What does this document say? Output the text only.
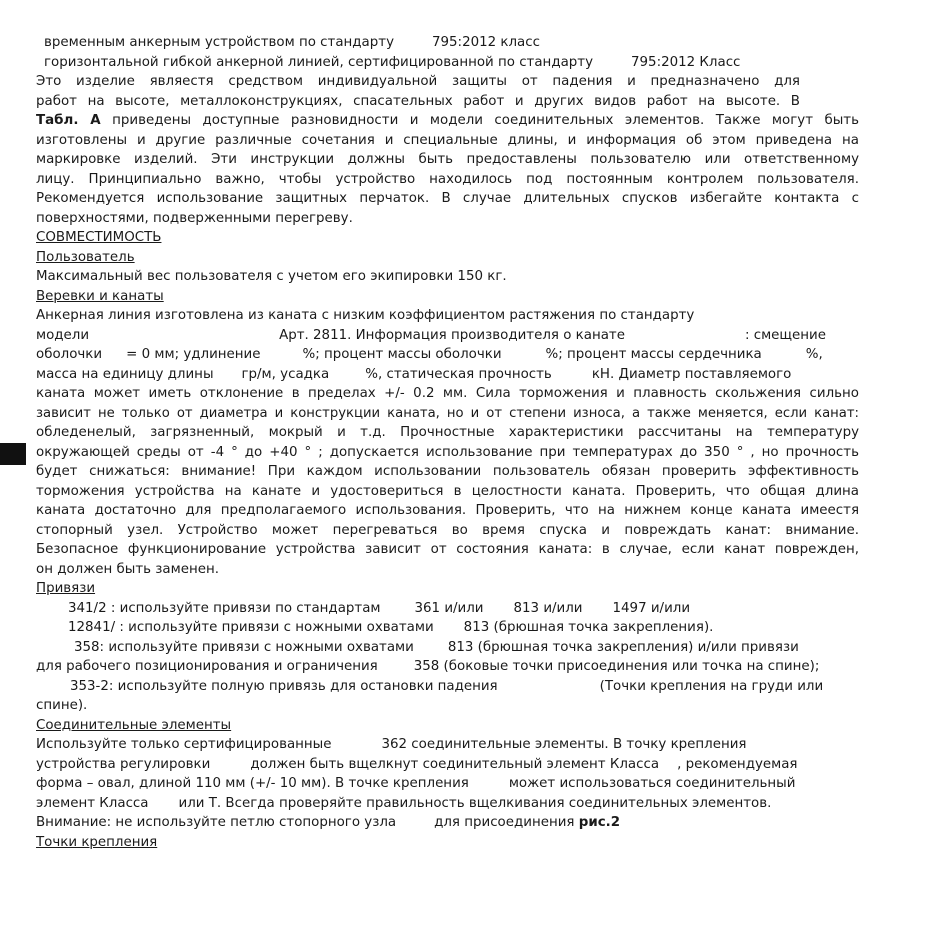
временным анкерным устройством по стандарту	795:2012 класс
горизонтальной гибкой анкерной линией, сертифицированной по стандарту	795:2012 Класс
Это изделие являестя средством индивидуальной защиты от падения и предназначено для
работ на высоте, металлоконструкциях, спасательных работ и других видов работ на высоте. В
Табл. А приведены доступные разновидности и модели соединительных элементов. Также могут быть
изготовлены и другие различные сочетания и специальные длины, и информация об этом приведена на
маркировке изделий. Эти инструкции должны быть предоставлены пользователю или ответственному
лицу. Принципиально важно, чтобы устройство находилось под постоянным контролем пользователя.
Рекомендуется использование защитных перчаток. В случае длительных спусков избегайте контакта с
поверхностями, подверженными перегреву.
СОВМЕСТИМОСТЬ
Пользователь
Максимальный вес пользователя с учетом его экипировки 150 кг.
Веревки и канаты
Анкерная линия изготовлена из каната с низким коэффициентом растяжения по стандарту
модели	Арт. 2811. Информация производителя о канате	: смещение
оболочки = 0 мм; удлинение	%; процент массы оболочки	%; процент массы сердечника	%,
масса на единицу длины гр/м, усадка	%, статическая прочность	кН. Диаметр поставляемого
каната может иметь отклонение в пределах +/- 0.2 мм. Сила торможения и плавность скольжения сильно
зависит не только от диаметра и конструкции каната, но и от степени износа, а также меняется, если канат:
обледенелый, загрязненный, мокрый и т.д. Прочностные характеристики рассчитаны на температуру
окружающей среды от -4 ° до +40 ° ; допускается использование при температурах до 350 ° , но прочность
будет снижаться: внимание! При каждом использовании пользователь обязан проверить эффективность
торможения устройства на канате и удостовериться в целостности каната. Проверить, что общая длина
каната достаточно для предполагаемого использования. Проверить, что на нижнем конце каната имеестя
стопорный узел. Устройство может перегреваться во время спуска и повреждать канат: внимание.
Безопасное функционирование устройства зависит от состояния каната: в случае, если канат поврежден,
он должен быть заменен.
Привязи
341/2 : используйте привязи по стандартам	361 и/или 813 и/или 1497 и/или
12841/ : используйте привязи с ножными охватами 813 (брюшная точка закрепления).
358: используйте привязи с ножными охватами	813 (брюшная точка закрепления) и/или привязи
для рабочего позиционирования и ограничения	358 (боковые точки присоединения или точка на спине);
353-2: используйте полную привязь для остановки падения	(Точки крепления на груди или
спине).
Соединительные элементы
Используйте только сертифицированные	362 соединительные элементы. В точку крепления
устройства регулировки	должен быть вщелкнут соединительный элемент Класса , рекомендуемая
форма – овал, длиной 110 мм (+/- 10 мм). В точке крепления	может использоваться соединительный
элемент Класса или Т. Всегда проверяйте правильность вщелкивания соединительных элементов.
Внимание: не используйте петлю стопорного узла	для присоединения рис.2
Точки крепления
